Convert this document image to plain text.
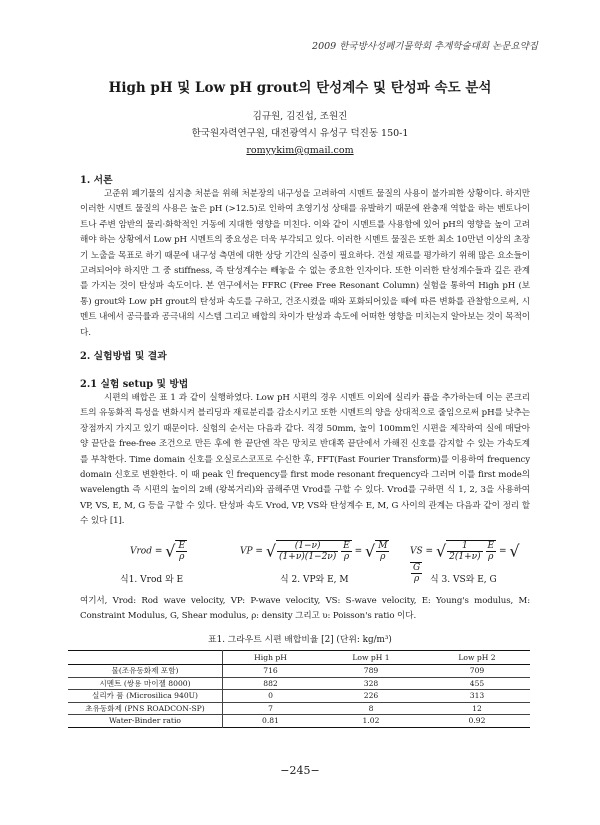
2009 한국방사성폐기물학회 추계학술대회 논문요약집
High pH 및 Low pH grout의 탄성계수 및 탄성파 속도 분석
김규원, 김진섭, 조원진
한국원자력연구원, 대전광역시 유성구 덕진동 150-1
romyykim@gmail.com
1. 서론
고준위 폐기물의 심지층 처분을 위해 처분장의 내구성을 고려하여 시멘트 물질의 사용이 불가피한 상황이다. 하지만 이러한 시멘트 물질의 사용은 높은 pH (>12.5)로 인하여 초영기성 상태를 유발하기 때문에 완충재 역할을 하는 벤토나이트나 주변 암반의 물리·화학적인 거동에 지대한 영향을 미친다. 이와 같이 시멘트를 사용함에 있어 pH의 영향을 높이 고려해야 하는 상황에서 Low pH 시멘트의 중요성은 더욱 부각되고 있다. 이러한 시멘트 물질은 또한 최소 10만년 이상의 초장기 노출을 목표로 하기 때문에 내구성 측면에 대한 상당 기간의 실증이 필요하다. 건설 재료를 평가하기 위해 많은 요소들이 고려되어야 하지만 그 중 stiffness, 즉 탄성계수는 빼놓을 수 없는 중요한 인자이다. 또한 이러한 탄성계수들과 깊은 관계를 가지는 것이 탄성파 속도이다. 본 연구에서는 FFRC (Free Free Resonant Column) 실험을 통하여 High pH (보통) grout와 Low pH grout의 탄성파 속도를 구하고, 건조시켰을 때와 포화되어있을 때에 따른 변화를 관찰함으로써, 시멘트 내에서 공극률과 공극내의 시스템 그리고 배합의 차이가 탄성과 속도에 어떠한 영향을 미치는지 알아보는 것이 목적이다.
2. 실험방법 및 결과
2.1 실험 setup 및 방법
시편의 배합은 표 1 과 같이 실행하였다. Low pH 시편의 경우 시멘트 이외에 실리카 퓸을 추가하는데 이는 콘크리트의 유동화적 특성을 변화시켜 블리딩과 재료분리를 감소시키고 또한 시멘트의 양을 상대적으로 줄임으로써 pH를 낮추는 장점까지 가지고 있기 때문이다. 실험의 순서는 다음과 같다. 직경 50mm, 높이 100mm인 시편을 제작하여 실에 매달아 양 끝단을 free-free 조건으로 만든 후에 한 끝단엔 작은 망치로 반대쪽 끝단에서 가해진 신호를 감지할 수 있는 가속도계를 부착한다. Time domain 신호를 오실로스코프로 수신한 후, FFT(Fast Fourier Transform)를 이용하여 frequency domain 신호로 변환한다. 이 때 peak 인 frequency를 first mode resonant frequency라 그러며 이를 first mode의 wavelength 즉 시편의 높이의 2배 (왕복거리)와 곱해주면 Vrod를 구할 수 있다. Vrod를 구하면 식 1, 2, 3을 사용하여 VP, VS, E, M, G 등을 구할 수 있다. 탄성파 속도 Vrod, VP, VS와 탄성계수 E, M, G 사이의 관계는 다음과 같이 정리 할 수 있다 [1].
Vrod = √ $\frac{E}{\rho}$
식1. Vrod 와 E
VP = √ $\frac{(1-\nu)}{(1+\nu)(1-2\nu)}$
$\frac{E}{\rho}$ = √ $\frac{M}{\rho}$
식 2. VP와 E, M
VS = √ $\frac{1}{2(1+\nu)}$
$\frac{E}{\rho}$ = √
$\frac{G}{\rho}$ 식 3. VS와 E, G
여기서, Vrod: Rod wave velocity, VP: P-wave velocity, VS: S-wave velocity, E: Young's modulus, M: Constraint Modulus, G, Shear modulus, ρ: density 그리고 υ: Poisson's ratio 이다.
표1. 그라우트 시편 배합비율 [2] (단위: kg/m³)
	High pH	Low pH 1	Low pH 2
물(조유동화제 포함)	716	789	709
시멘트 (쌍용 마이젤 8000)	882	328	455
실리카 퓸 (Microsilica 940U)	0	226	313
초유동화제 (PNS ROADCON-SP)	7	8	12
Water-Binder ratio	0.81	1.02	0.92
−245−
